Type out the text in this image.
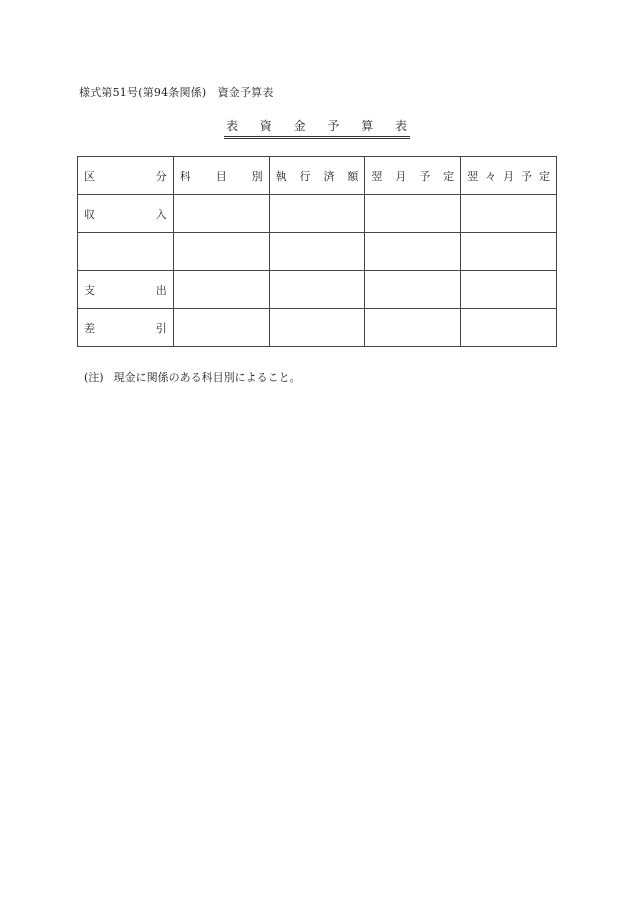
様式第51号(第94条関係)　資金予算表
表 資 金 予 算 表
区 分	科 目 別	執 行 済 額	翌 月 予 定	翌 々 月 予 定

収 入				

支 出				

差 引				

(注) 現金に関係のある科目別によること。
